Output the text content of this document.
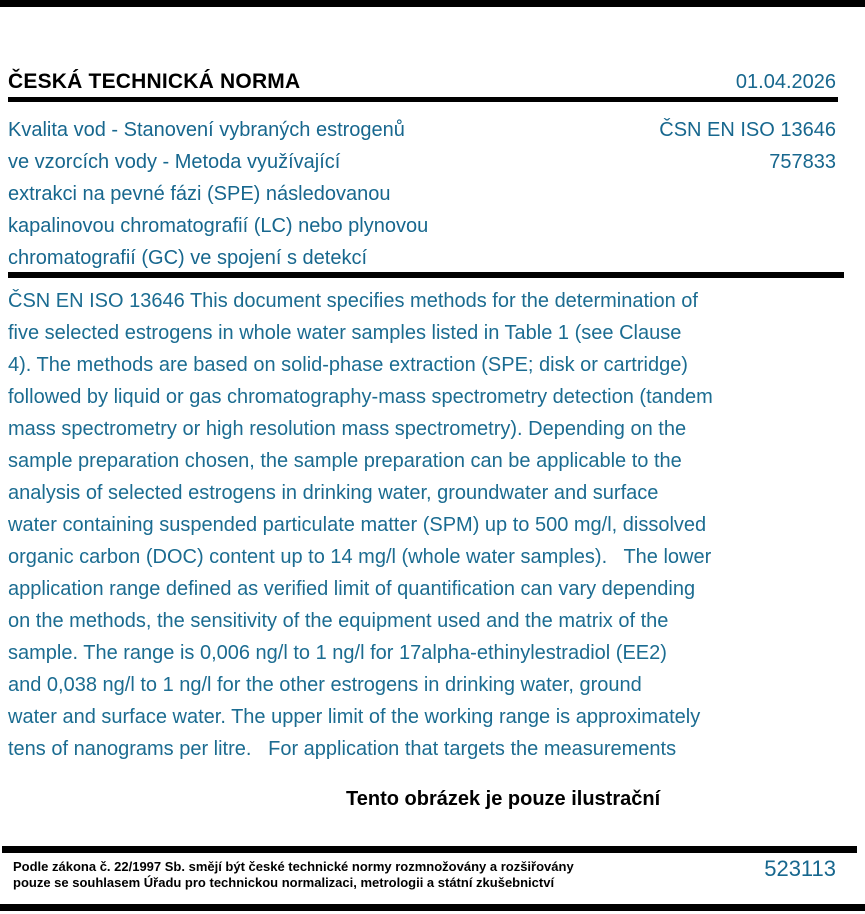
ČESKÁ TECHNICKÁ NORMA	01.04.2026
Kvalita vod - Stanovení vybraných estrogenů
ve vzorcích vody - Metoda využívající
extrakci na pevné fázi (SPE) následovanou
kapalinovou chromatografií (LC) nebo plynovou
chromatografií (GC) ve spojení s detekcí
ČSN EN ISO 13646
757833
ČSN EN ISO 13646 This document specifies methods for the determination of
five selected estrogens in whole water samples listed in Table 1 (see Clause
4). The methods are based on solid-phase extraction (SPE; disk or cartridge)
followed by liquid or gas chromatography-mass spectrometry detection (tandem
mass spectrometry or high resolution mass spectrometry). Depending on the
sample preparation chosen, the sample preparation can be applicable to the
analysis of selected estrogens in drinking water, groundwater and surface
water containing suspended particulate matter (SPM) up to 500 mg/l, dissolved
organic carbon (DOC) content up to 14 mg/l (whole water samples).   The lower
application range defined as verified limit of quantification can vary depending
on the methods, the sensitivity of the equipment used and the matrix of the
sample. The range is 0,006 ng/l to 1 ng/l for 17alpha-ethinylestradiol (EE2)
and 0,038 ng/l to 1 ng/l for the other estrogens in drinking water, ground
water and surface water. The upper limit of the working range is approximately
tens of nanograms per litre.   For application that targets the measurements
Tento obrázek je pouze ilustrační
Podle zákona č. 22/1997 Sb. smějí být české technické normy rozmnožovány a rozšiřovány
pouze se souhlasem Úřadu pro technickou normalizaci, metrologii a státní zkušebnictví
523113
